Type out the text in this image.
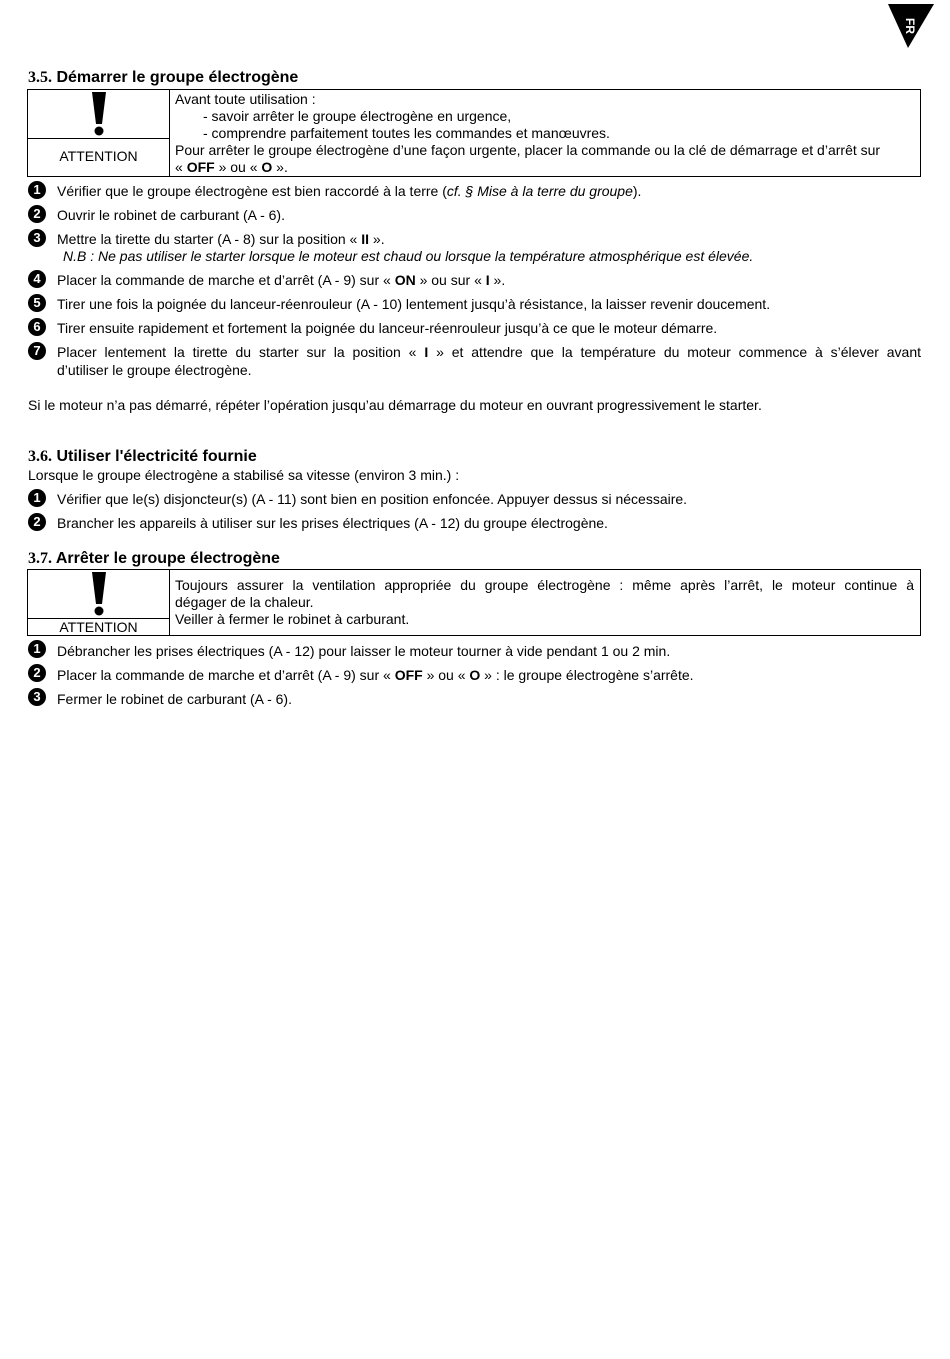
FR
3.5. Démarrer le groupe électrogène
ATTENTION
Avant toute utilisation :
- savoir arrêter le groupe électrogène en urgence,
- comprendre parfaitement toutes les commandes et manœuvres.
Pour arrêter le groupe électrogène d’une façon urgente, placer la commande ou la clé de démarrage et d’arrêt sur
« OFF » ou « O ».
1	Vérifier que le groupe électrogène est bien raccordé à la terre (cf. § Mise à la terre du groupe).
2	Ouvrir le robinet de carburant (A - 6).
3	Mettre la tirette du starter (A - 8) sur la position « II ».
N.B : Ne pas utiliser le starter lorsque le moteur est chaud ou lorsque la température atmosphérique est élevée.
4	Placer la commande de marche et d’arrêt (A - 9) sur « ON » ou sur « I ».
5	Tirer une fois la poignée du lanceur-réenrouleur (A - 10) lentement jusqu’à résistance, la laisser revenir doucement.
6	Tirer ensuite rapidement et fortement la poignée du lanceur-réenrouleur jusqu’à ce que le moteur démarre.
7	Placer lentement la tirette du starter sur la position « I » et attendre que la température du moteur commence à s’élever avant
d’utiliser le groupe électrogène.
Si le moteur n’a pas démarré, répéter l’opération jusqu’au démarrage du moteur en ouvrant progressivement le starter.
3.6. Utiliser l'électricité fournie
Lorsque le groupe électrogène a stabilisé sa vitesse (environ 3 min.) :
1	Vérifier que le(s) disjoncteur(s) (A - 11) sont bien en position enfoncée. Appuyer dessus si nécessaire.
2	Brancher les appareils à utiliser sur les prises électriques (A - 12) du groupe électrogène.
3.7. Arrêter le groupe électrogène
ATTENTION
Toujours assurer la ventilation appropriée du groupe électrogène : même après l’arrêt, le moteur continue à
dégager de la chaleur.
Veiller à fermer le robinet à carburant.
1	Débrancher les prises électriques (A - 12) pour laisser le moteur tourner à vide pendant 1 ou 2 min.
2	Placer la commande de marche et d’arrêt (A - 9) sur « OFF » ou « O » : le groupe électrogène s’arrête.
3	Fermer le robinet de carburant (A - 6).
